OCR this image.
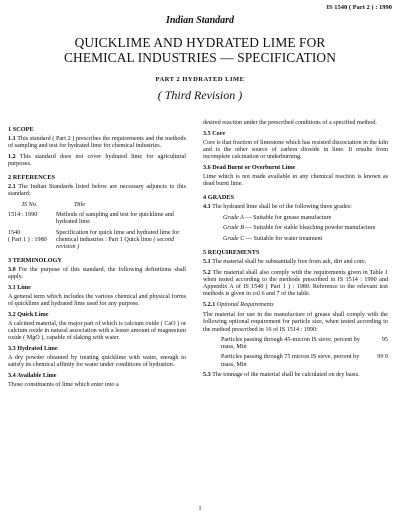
IS 1540 ( Part 2 ) : 1990
Indian Standard
QUICKLIME AND HYDRATED LIME FOR
CHEMICAL INDUSTRIES — SPECIFICATION
PART 2 HYDRATED LIME
( Third Revision )

1 SCOPE

1.1 This standard ( Part 2 ) prescribes the requirements and the methods of sampling and test for hydrated lime for chemical industries.

1.2 This standard does not cover hydrated lime for agricultural purposes.

2 REFERENCES

2.1 The Indian Standards listed below are necessary adjuncts to this standard:

IS No.	Title
1514 : 1990	Methods of sampling and test for quicklime and hydrated lime
1540
( Part 1 ) : 1980
Specification for quick lime and hydrated lime for chemical industries : Part 1 Quick lime ( second revision )

3 TERMINOLOGY

3.0 For the purpose of this standard, the following definitions shall apply.

3.1 Lime

A general term which includes the various chemical and physical forms of quicklime and hydrated lime used for any purpose.

3.2 Quick Lime

A calcined material, the major part of which is calcium oxide ( CaO ) or calcium oxide in natural association with a lesser amount of magnesium oxide ( MgO ), capable of slaking with water.

3.3 Hydrated Lime

A dry powder obtained by treating quicklime with water, enough to satisfy its chemical affinity for water under conditions of hydration.

3.4 Available Lime

Those constituents of lime which enter into a

desired reaction under the prescribed conditions of a specified method.

3.5 Core

Core is that fraction of limestone which has resisted dissociation in the kiln and is the other source of carbon dioxide in lime. It results from incomplete calcination or underburning.

3.6 Dead Burnt or Overburnt Lime

Lime which is not made available in any chemical reaction is known as dead burnt lime.

4 GRADES

4.1 The hydrated lime shall be of the following three grades:

Grade A — Suitable for grease manufacture

Grade B — Suitable for stable bleaching powder manufacture

Grade C — Suitable for water treatment

5 REQUIREMENTS

5.1 The material shall be substantially free from ash, dirt and core.

5.2 The material shall also comply with the requirements given in Table 1 when tested according to the methods prescribed in IS 1514 : 1990 and Appendix A of IS 1540 ( Part 1 ) : 1980. Reference to the relevant test methods is given in col 6 and 7 of the table.

5.2.1 Optional Requirements

The material for use in the manufacture of grease shall comply with the following optional requirement for particle size, when tested according to the method prescribed in 16 of IS 1514 : 1990:

Particles passing through 45-micron IS sieve, percent by mass, Min
95
Particles passing through 75 micron IS sieve, percent by mass, Min
99 9

5.3 The tonnage of the material shall be calculated on dry basis.

1
